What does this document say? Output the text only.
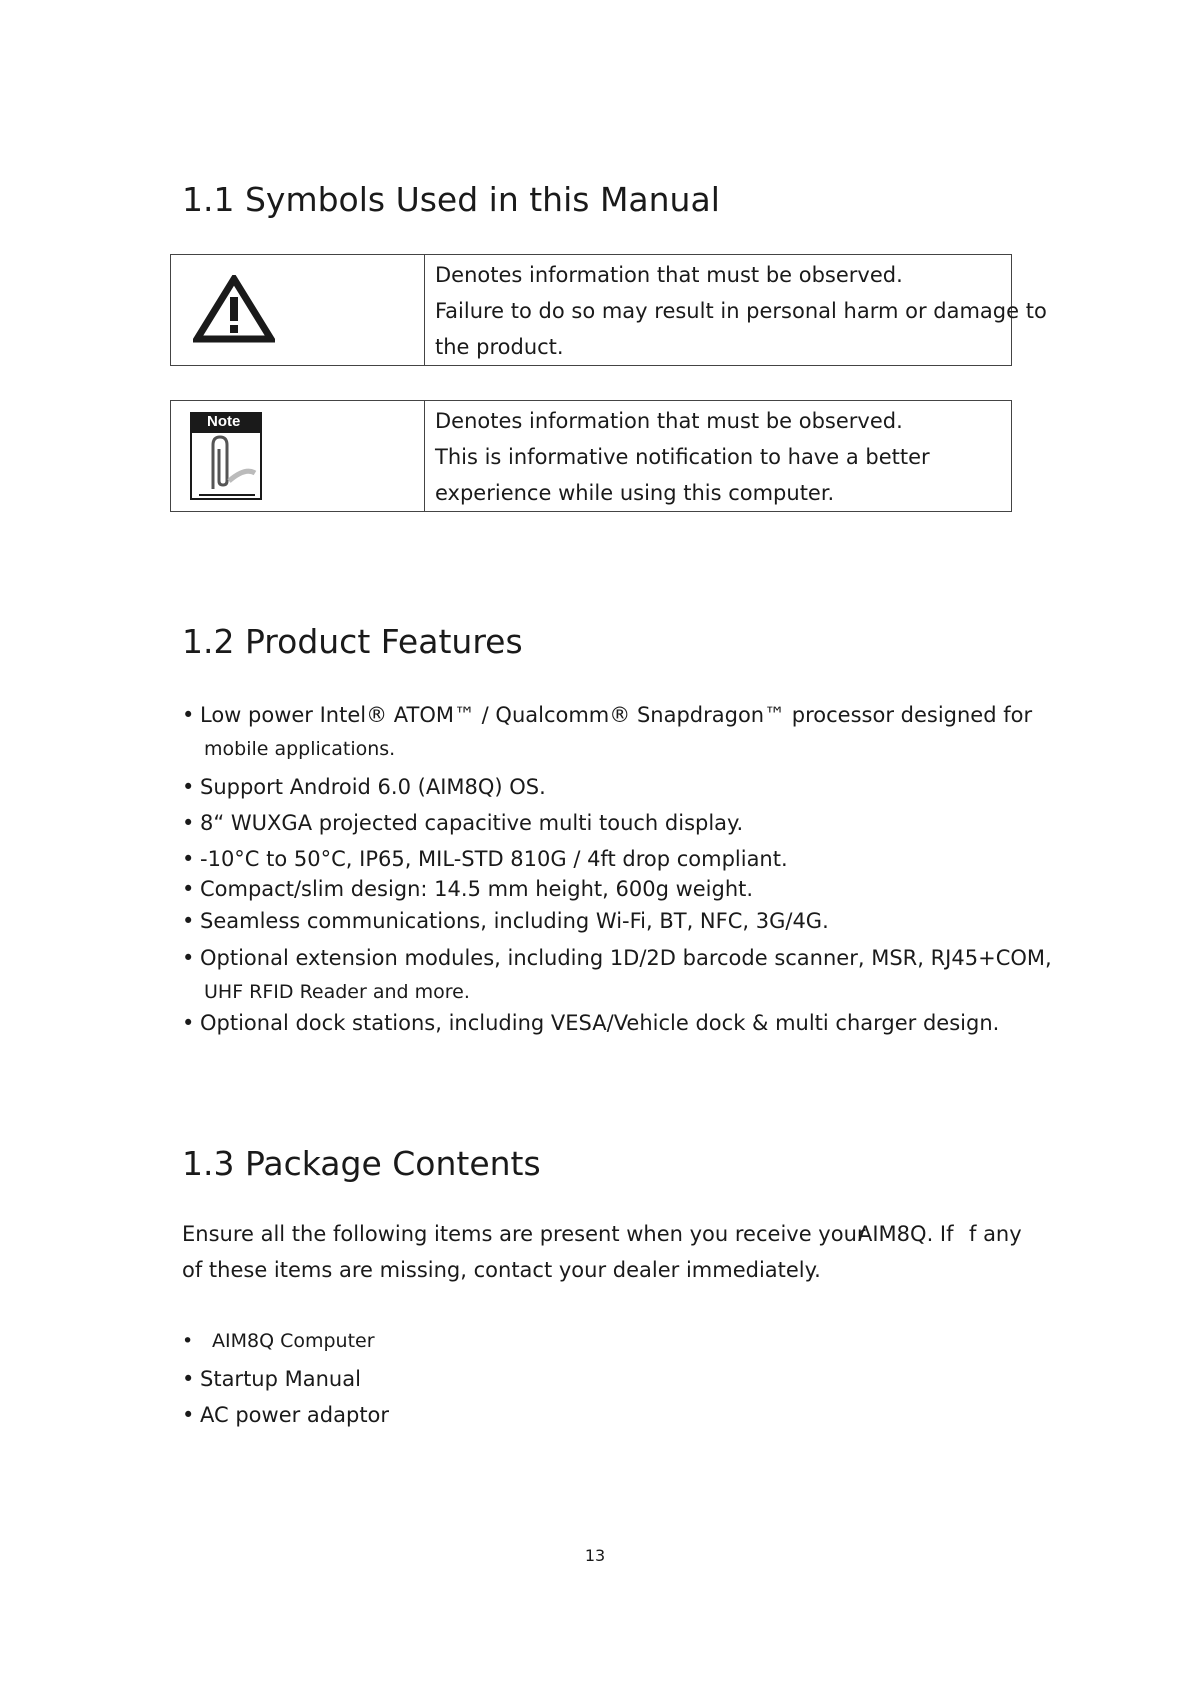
1.1 Symbols Used in this Manual
Denotes information that must be observed.
Failure to do so may result in personal harm or damage to
the product.
Note	Denotes information that must be observed.
This is informative notification to have a better
experience while using this computer.
1.2 Product Features
• Low power Intel® ATOM™ / Qualcomm® Snapdragon™ processor designed for
mobile applications.
• Support Android 6.0 (AIM8Q) OS.
• 8“ WUXGA projected capacitive multi touch display.
• -10°C to 50°C, IP65, MIL-STD 810G / 4ft drop compliant.
• Compact/slim design: 14.5 mm height, 600g weight.
• Seamless communications, including Wi-Fi, BT, NFC, 3G/4G.
• Optional extension modules, including 1D/2D barcode scanner, MSR, RJ45+COM,
UHF RFID Reader and more.
• Optional dock stations, including VESA/Vehicle dock & multi charger design.
1.3 Package Contents
Ensure all the following items are present when you receive your
AIM8Q. If f any
of these items are missing, contact your dealer immediately.
• AIM8Q Computer
• Startup Manual
• AC power adaptor
13
